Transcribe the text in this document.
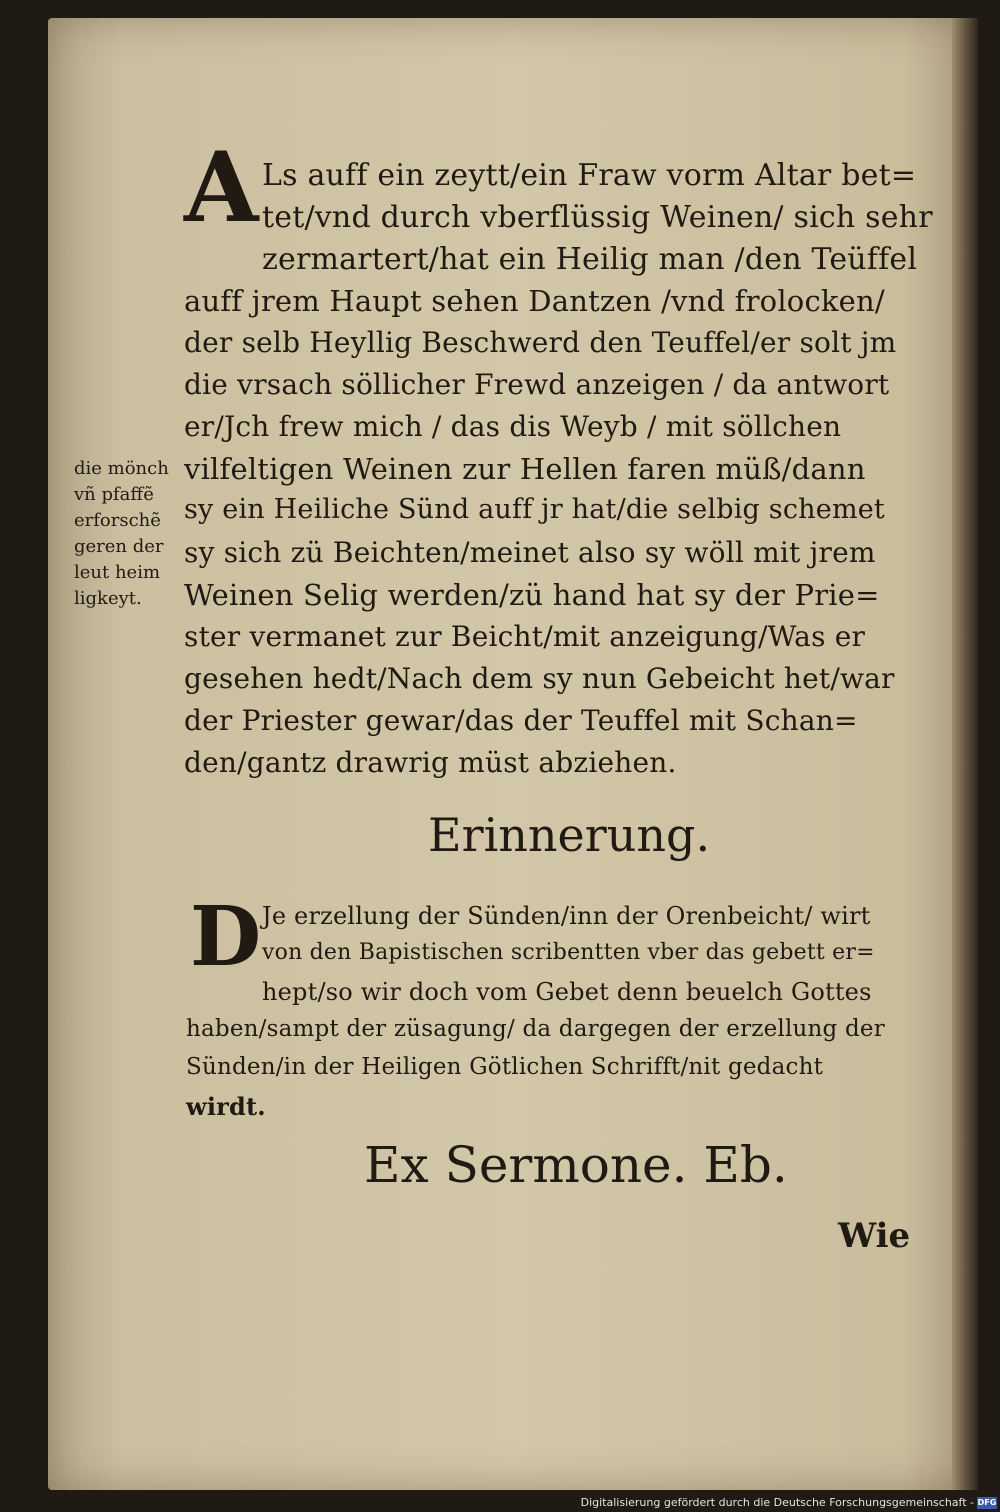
A Ls auff ein zeytt/ein Fraw vorm Altar bet=
tet/vnd durch vberflüssig Weinen/ sich sehr
zermartert/hat ein Heilig man /den Teüffel
auff jrem Haupt sehen Dantzen /vnd frolocken/
der selb Heyllig Beschwerd den Teuffel/er solt jm
die vrsach söllicher Frewd anzeigen / da antwort
er/Jch frew mich / das dis Weyb / mit söllchen
vilfeltigen Weinen zur Hellen faren müß/dann
sy ein Heiliche Sünd auff jr hat/die selbig schemet
sy sich zü Beichten/meinet also sy wöll mit jrem
Weinen Selig werden/zü hand hat sy der Prie=
ster vermanet zur Beicht/mit anzeigung/Was er
gesehen hedt/Nach dem sy nun Gebeicht het/war
der Priester gewar/das der Teuffel mit Schan=
den/gantz drawrig müst abziehen.
die mönch
vñ pfaffẽ
erforschẽ
geren der
leut heim
ligkeyt.
Erinnerung.
D Je erzellung der Sünden/inn der Orenbeicht/ wirt
von den Bapistischen scribentten vber das gebett er=
hept/so wir doch vom Gebet denn beuelch Gottes
haben/sampt der züsagung/ da dargegen der erzellung der
Sünden/in der Heiligen Götlichen Schrifft/nit gedacht
wirdt.
Ex Sermone. Eb.
Wie
Digitalisierung gefördert durch die Deutsche Forschungsgemeinschaft - DFG
